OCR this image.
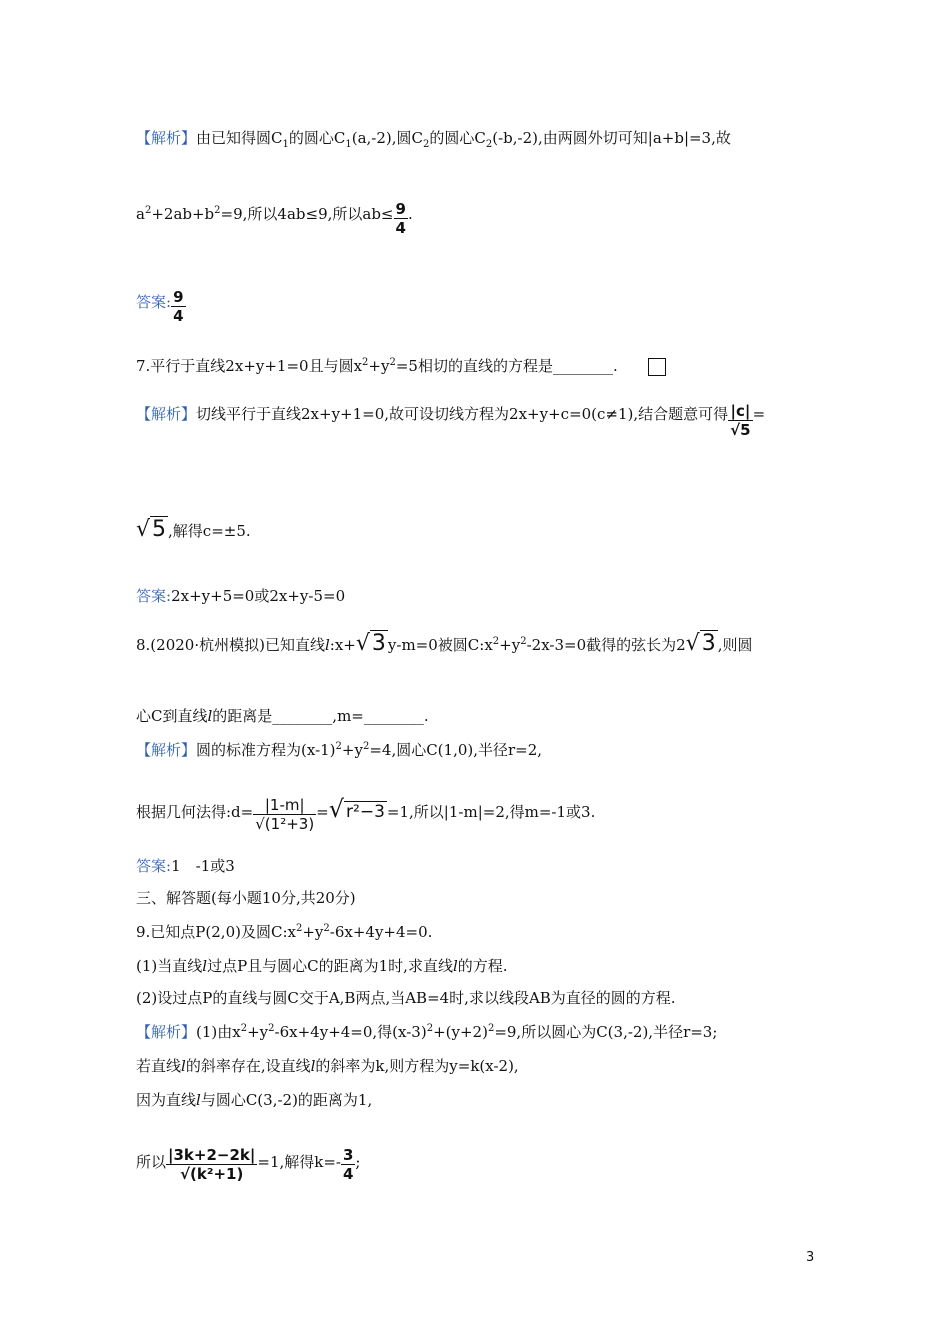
【解析】由已知得圆$C_1$的圆心$C_1(a,-2)$,圆$C_2$的圆心$C_2(-b,-2)$,由两圆外切可知|a+b|=3,故
$a^2+2ab+b^2=9$,所以4ab≤9,所以$ab\le \frac{9}{4}$ .
答案: $\frac{9}{4}$
7.平行于直线2x+y+1=0且与圆$x^2+y^2=5$相切的直线的方程是________.
【解析】切线平行于直线2x+y+1=0,故可设切线方程为2x+y+c=0(c≠1),结合题意可得 $\frac{|c|}{√5}$ =
√5 ,解得c=±5.
答案:2x+y+5=0或2x+y-5=0
8.(2020·杭州模拟)已知直线l:x+√3 y-m=0被圆$C:x^2+y^2-2x-3=0$截得的弦长为2√3 ,则圆
心C到直线l的距离是________,m=________.
【解析】圆的标准方程为$(x-1)^2+y^2=4$,圆心C(1,0),半径r=2,
根据几何法得:d= $\frac{|1-m|}{\text{√(1²+3)}}$ =√ r²−3 =1,所以|1-m|=2,得m=-1或3.
答案:1　-1或3
三、解答题(每小题10分,共20分)
9.已知点P(2,0)及圆$C:x^2+y^2-6x+4y+4=0$.
(1)当直线l过点P且与圆心C的距离为1时,求直线l的方程.
(2)设过点P的直线与圆C交于A,B两点,当AB=4时,求以线段AB为直径的圆的方程.
【解析】(1)由$x^2+y^2-6x+4y+4=0$,得$(x-3)^2+(y+2)^2=9$,所以圆心为C(3,-2),半径r=3;
若直线l的斜率存在,设直线l的斜率为k,则方程为y=k(x-2),
因为直线l与圆心C(3,-2)的距离为1,
所以 $\frac{|3k+2-2k|}{\text{√(k²+1)}} =1$,解得$k=- \frac{3}{4}$ ;
3
